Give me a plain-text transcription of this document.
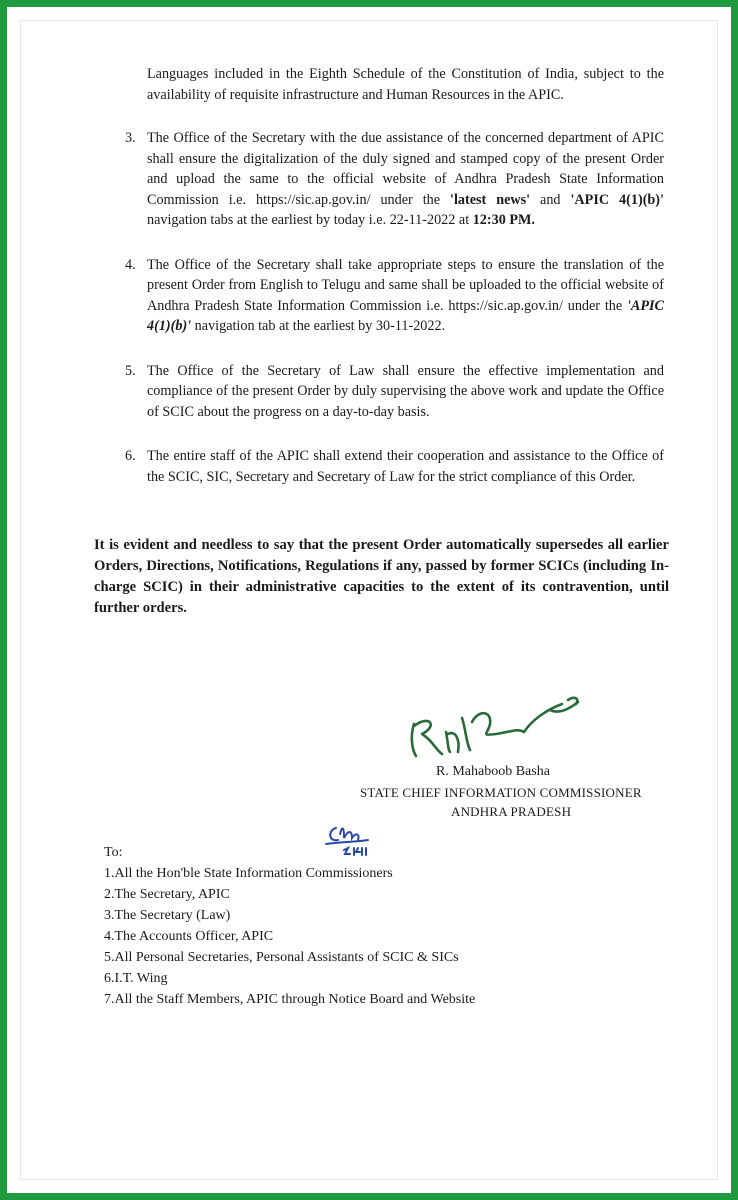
Languages included in the Eighth Schedule of the Constitution of India, subject to the availability of requisite infrastructure and Human Resources in the APIC.
3. The Office of the Secretary with the due assistance of the concerned department of APIC shall ensure the digitalization of the duly signed and stamped copy of the present Order and upload the same to the official website of Andhra Pradesh State Information Commission i.e. https://sic.ap.gov.in/ under the 'latest news' and 'APIC 4(1)(b)' navigation tabs at the earliest by today i.e. 22-11-2022 at 12:30 PM.
4. The Office of the Secretary shall take appropriate steps to ensure the translation of the present Order from English to Telugu and same shall be uploaded to the official website of Andhra Pradesh State Information Commission i.e. https://sic.ap.gov.in/ under the 'APIC 4(1)(b)' navigation tab at the earliest by 30-11-2022.
5. The Office of the Secretary of Law shall ensure the effective implementation and compliance of the present Order by duly supervising the above work and update the Office of SCIC about the progress on a day-to-day basis.
6. The entire staff of the APIC shall extend their cooperation and assistance to the Office of the SCIC, SIC, Secretary and Secretary of Law for the strict compliance of this Order.
It is evident and needless to say that the present Order automatically supersedes all earlier Orders, Directions, Notifications, Regulations if any, passed by former SCICs (including In-charge SCIC) in their administrative capacities to the extent of its contravention, until further orders.
R. Mahaboob Basha
STATE CHIEF INFORMATION COMMISSIONER
ANDHRA PRADESH
To:
1.All the Hon'ble State Information Commissioners
2.The Secretary, APIC
3.The Secretary (Law)
4.The Accounts Officer, APIC
5.All Personal Secretaries, Personal Assistants of SCIC & SICs
6.I.T. Wing
7.All the Staff Members, APIC through Notice Board and Website
